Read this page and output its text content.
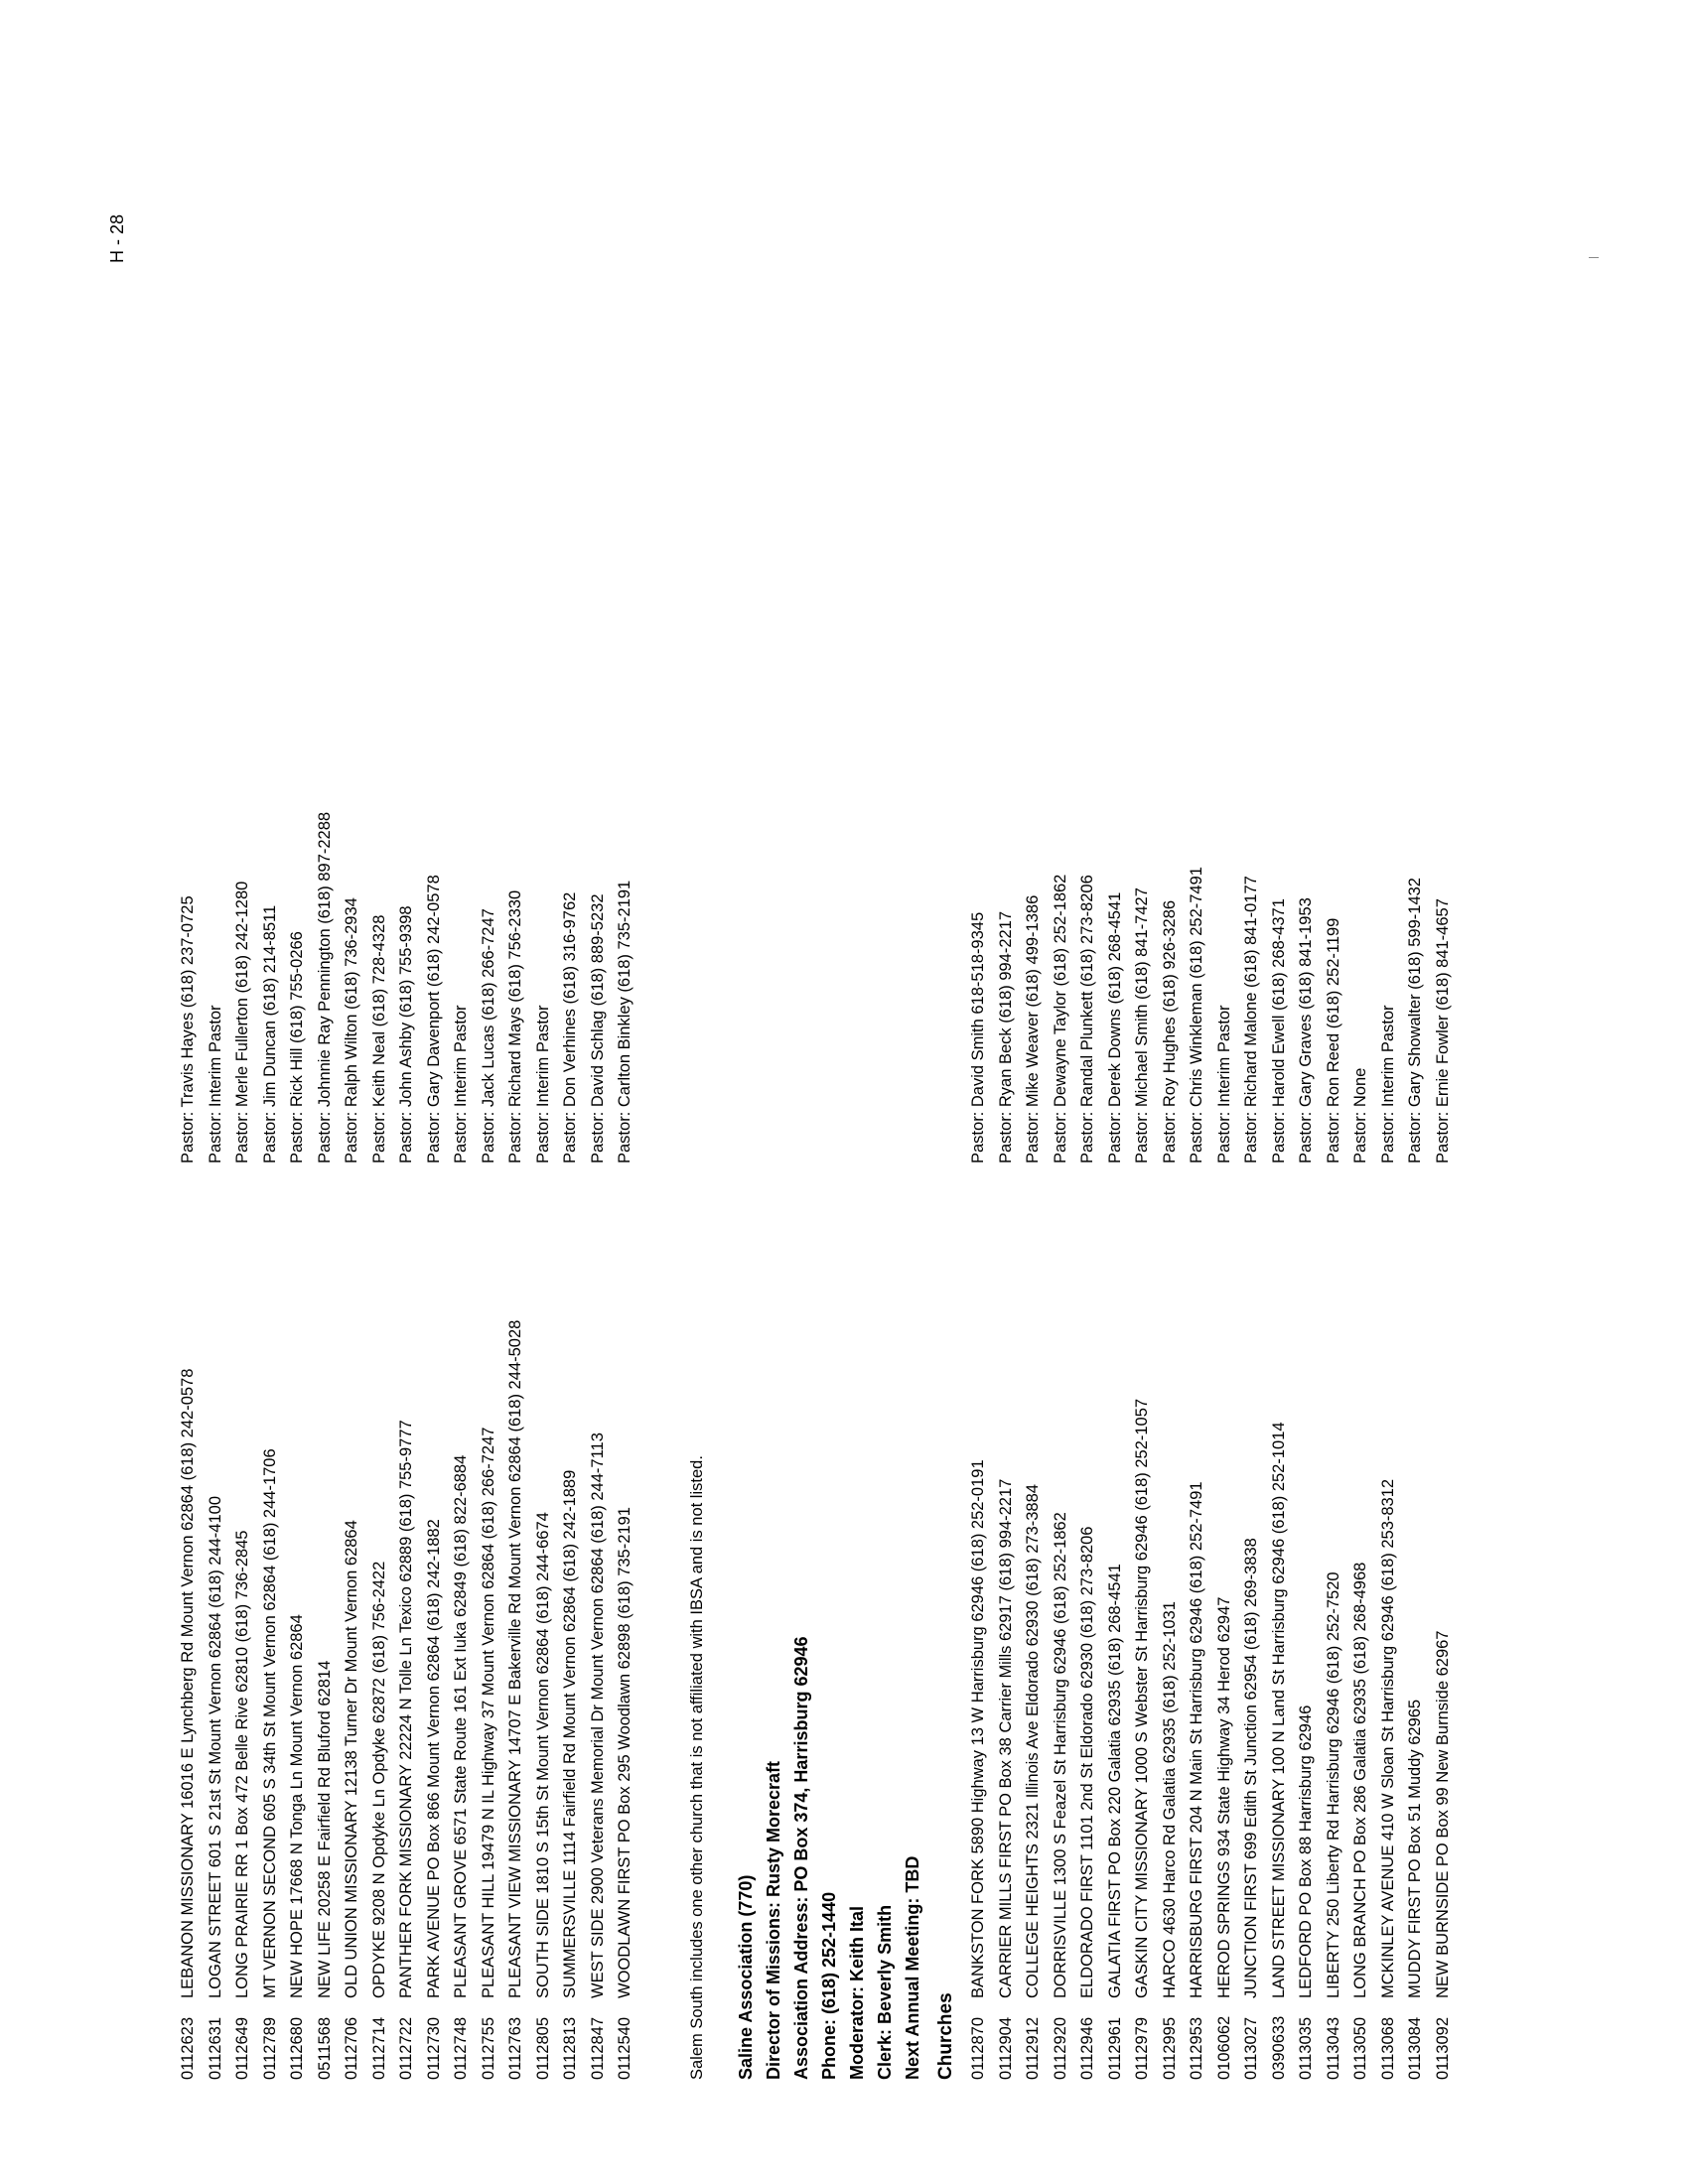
H - 28
0112623LEBANON MISSIONARY 16016 E Lynchberg Rd Mount Vernon 62864 (618) 242-0578
0112631LOGAN STREET 601 S 21st St Mount Vernon 62864 (618) 244-4100
0112649LONG PRAIRIE RR 1 Box 472 Belle Rive 62810 (618) 736-2845
0112789MT VERNON SECOND 605 S 34th St Mount Vernon 62864 (618) 244-1706
0112680NEW HOPE 17668 N Tonga Ln Mount Vernon 62864
0511568NEW LIFE 20258 E Fairfield Rd Bluford 62814
0112706OLD UNION MISSIONARY 12138 Turner Dr Mount Vernon 62864
0112714OPDYKE 9208 N Opdyke Ln Opdyke 62872 (618) 756-2422
0112722PANTHER FORK MISSIONARY 22224 N Tolle Ln Texico 62889 (618) 755-9777
0112730PARK AVENUE PO Box 866 Mount Vernon 62864 (618) 242-1882
0112748PLEASANT GROVE 6571 State Route 161 Ext Iuka 62849 (618) 822-6884
0112755PLEASANT HILL 19479 N IL Highway 37 Mount Vernon 62864 (618) 266-7247
0112763PLEASANT VIEW MISSIONARY 14707 E Bakerville Rd Mount Vernon 62864 (618) 244-5028
0112805SOUTH SIDE 1810 S 15th St Mount Vernon 62864 (618) 244-6674
0112813SUMMERSVILLE 1114 Fairfield Rd Mount Vernon 62864 (618) 242-1889
0112847WEST SIDE 2900 Veterans Memorial Dr Mount Vernon 62864 (618) 244-7113
0112540WOODLAWN FIRST PO Box 295 Woodlawn 62898 (618) 735-2191
Pastor: Travis Hayes (618) 237-0725 Pastor: Interim Pastor Pastor: Merle Fullerton (618) 242-1280 Pastor: Jim Duncan (618) 214-8511 Pastor: Rick Hill (618) 755-0266 Pastor: Johnnie Ray Pennington (618) 897-2288 Pastor: Ralph Wilton (618) 736-2934 Pastor: Keith Neal (618) 728-4328 Pastor: John Ashby (618) 755-9398 Pastor: Gary Davenport (618) 242-0578 Pastor: Interim Pastor Pastor: Jack Lucas (618) 266-7247 Pastor: Richard Mays (618) 756-2330 Pastor: Interim Pastor Pastor: Don Verhines (618) 316-9762 Pastor: David Schlag (618) 889-5232 Pastor: Carlton Binkley (618) 735-2191
Salem South includes one other church that is not affiliated with IBSA and is not listed. Saline Association (770) Director of Missions: Rusty Morecraft Association Address: PO Box 374, Harrisburg 62946 Phone: (618) 252-1440 Moderator: Keith Ital Clerk: Beverly Smith Next Annual Meeting: TBD Churches 0112870BANKSTON FORK 5890 Highway 13 W Harrisburg 62946 (618) 252-0191
0112904CARRIER MILLS FIRST PO Box 38 Carrier Mills 62917 (618) 994-2217
0112912COLLEGE HEIGHTS 2321 Illinois Ave Eldorado 62930 (618) 273-3884
0112920DORRISVILLE 1300 S Feazel St Harrisburg 62946 (618) 252-1862
0112946ELDORADO FIRST 1101 2nd St Eldorado 62930 (618) 273-8206
0112961GALATIA FIRST PO Box 220 Galatia 62935 (618) 268-4541
0112979GASKIN CITY MISSIONARY 1000 S Webster St Harrisburg 62946 (618) 252-1057
0112995HARCO 4630 Harco Rd Galatia 62935 (618) 252-1031
0112953HARRISBURG FIRST 204 N Main St Harrisburg 62946 (618) 252-7491
0106062HEROD SPRINGS 934 State Highway 34 Herod 62947
0113027JUNCTION FIRST 699 Edith St Junction 62954 (618) 269-3838
0390633LAND STREET MISSIONARY 100 N Land St Harrisburg 62946 (618) 252-1014
0113035LEDFORD PO Box 88 Harrisburg 62946
0113043LIBERTY 250 Liberty Rd Harrisburg 62946 (618) 252-7520
0113050LONG BRANCH PO Box 286 Galatia 62935 (618) 268-4968
0113068MCKINLEY AVENUE 410 W Sloan St Harrisburg 62946 (618) 253-8312
0113084MUDDY FIRST PO Box 51 Muddy 62965
0113092NEW BURNSIDE PO Box 99 New Burnside 62967
Pastor: David Smith 618-518-9345 Pastor: Ryan Beck (618) 994-2217 Pastor: Mike Weaver (618) 499-1386 Pastor: Dewayne Taylor (618) 252-1862 Pastor: Randal Plunkett (618) 273-8206 Pastor: Derek Downs (618) 268-4541 Pastor: Michael Smith (618) 841-7427 Pastor: Roy Hughes (618) 926-3286 Pastor: Chris Winkleman (618) 252-7491 Pastor: Interim Pastor Pastor: Richard Malone (618) 841-0177 Pastor: Harold Ewell (618) 268-4371 Pastor: Gary Graves (618) 841-1953 Pastor: Ron Reed (618) 252-1199 Pastor: None Pastor: Interim Pastor Pastor: Gary Showalter (618) 599-1432 Pastor: Ernie Fowler (618) 841-4657
